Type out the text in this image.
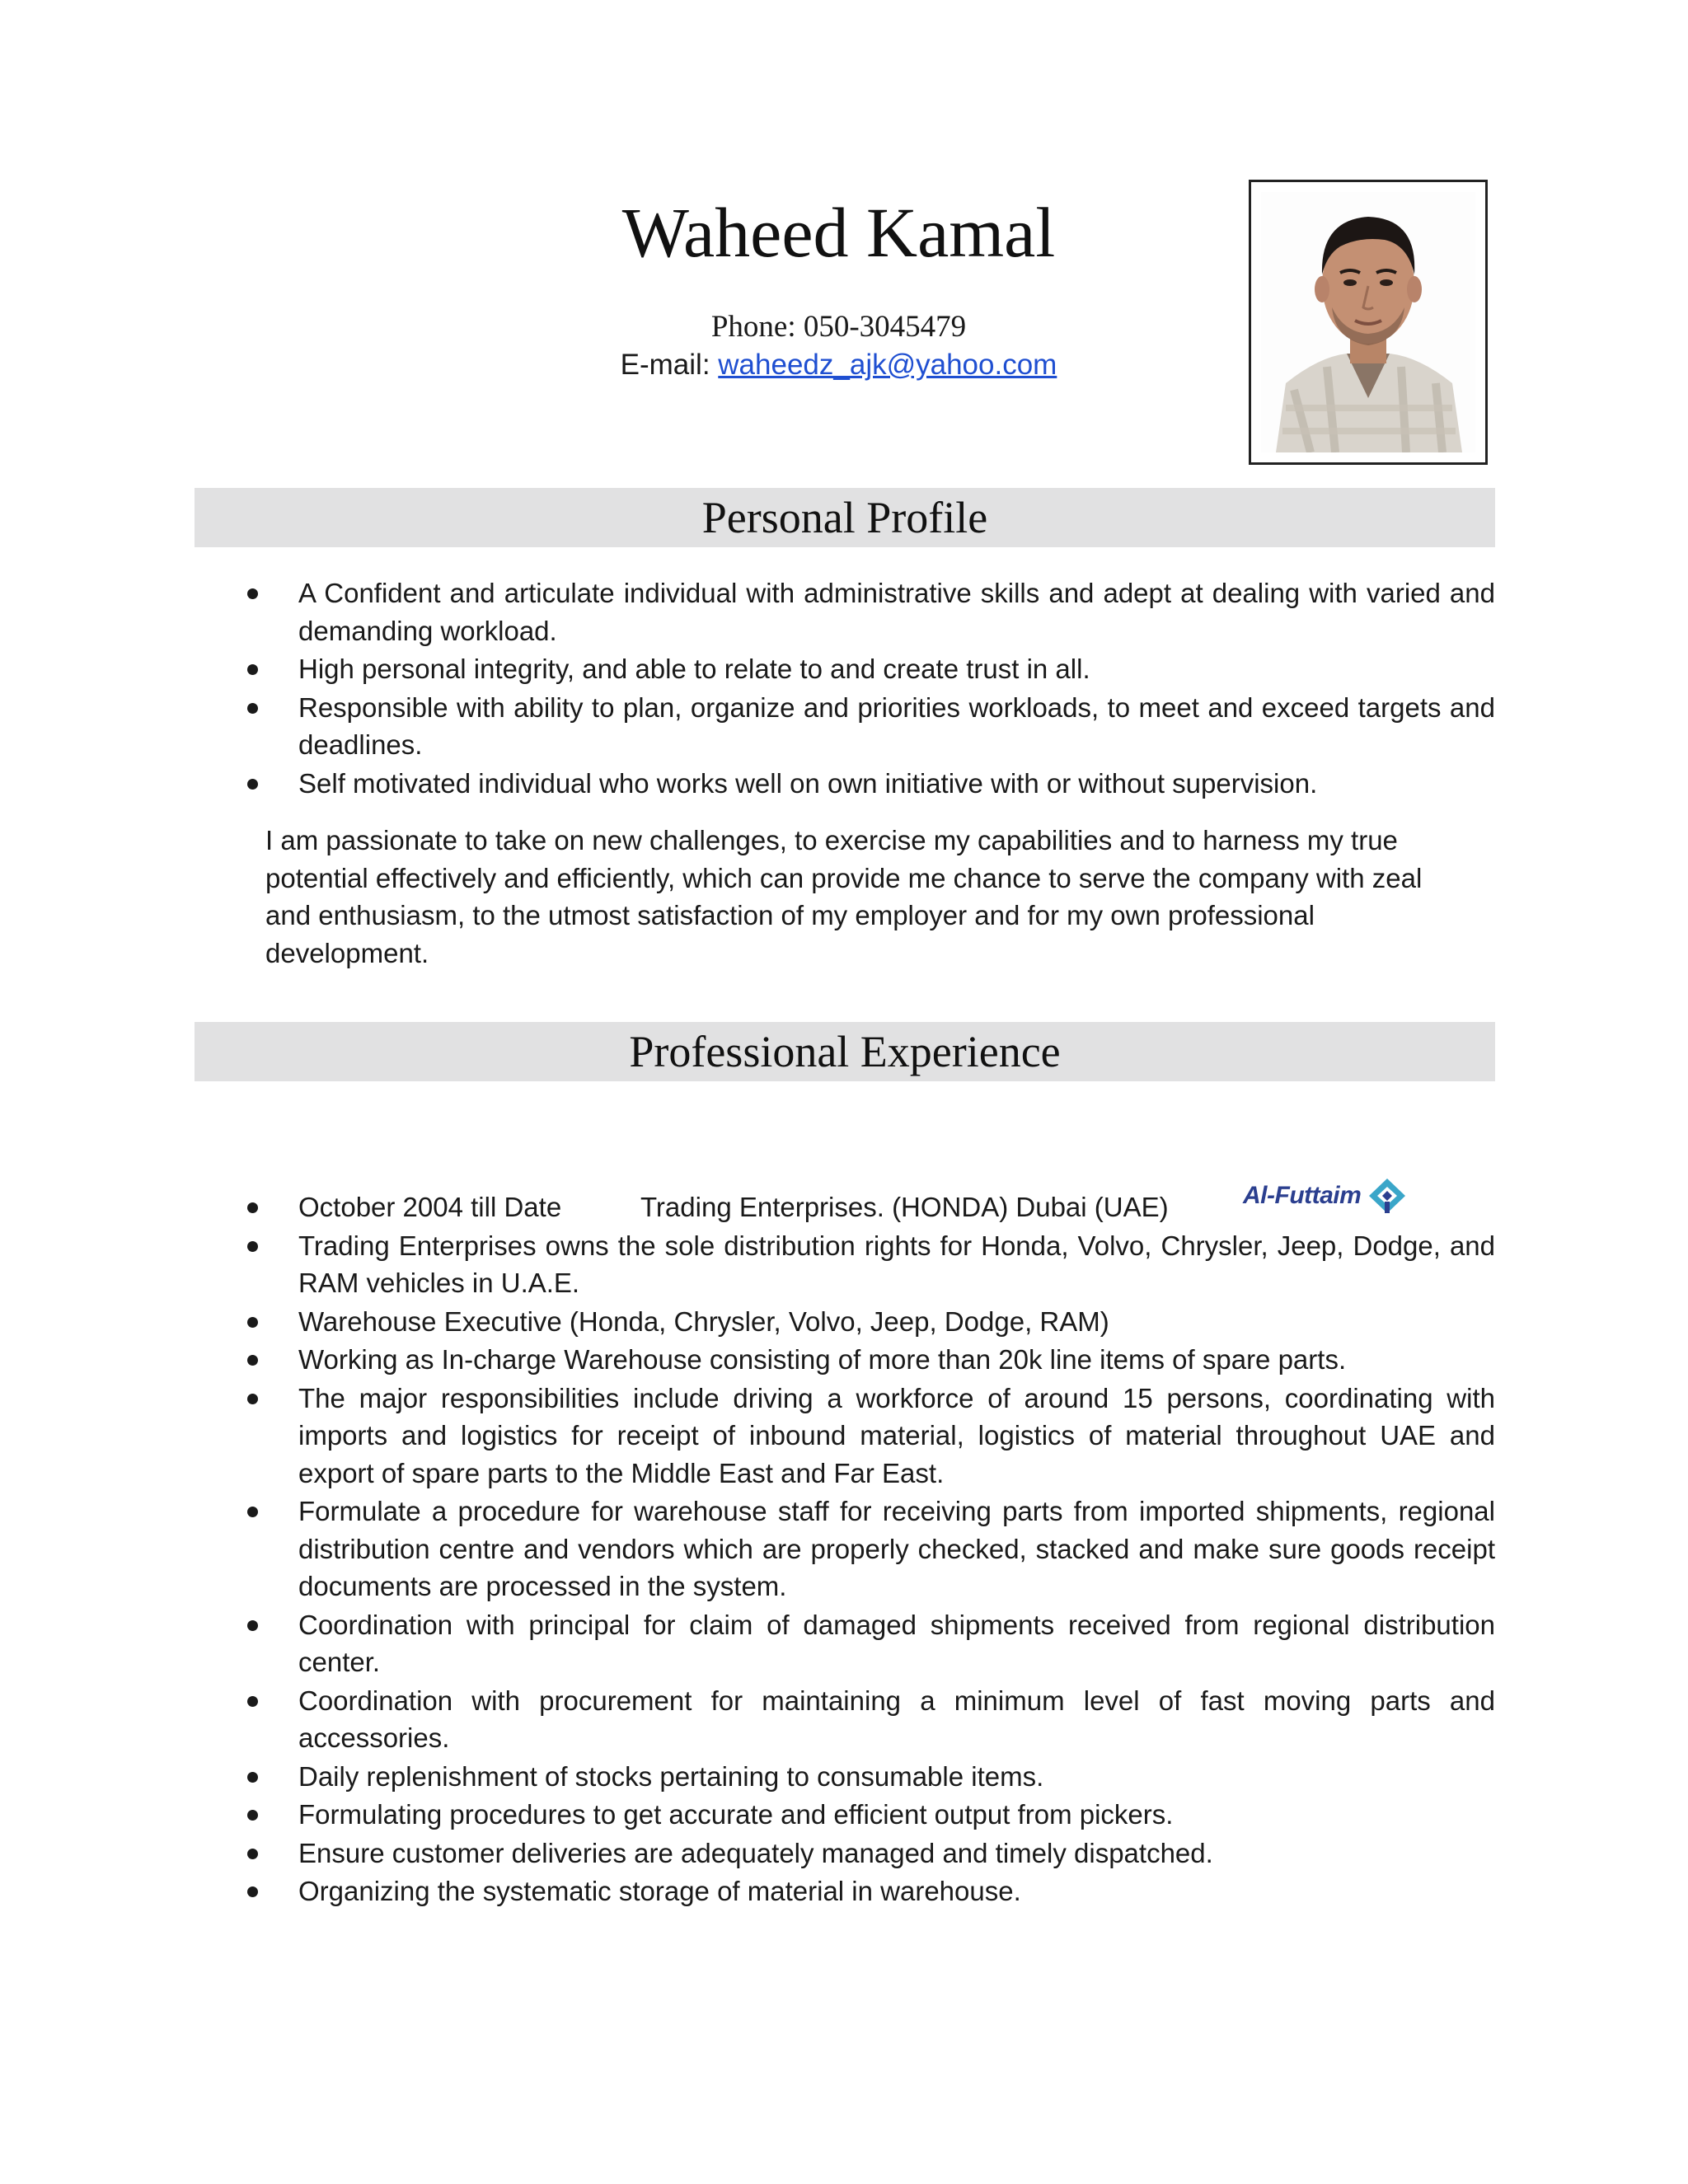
Waheed Kamal
Phone: 050-3045479
E-mail: waheedz_ajk@yahoo.com
Personal Profile
A Confident and articulate individual with administrative skills and adept at dealing with varied and demanding workload.
High personal integrity, and able to relate to and create trust in all.
Responsible with ability to plan, organize and priorities workloads, to meet and exceed targets and deadlines.
Self motivated individual who works well on own initiative with or without supervision.

I am passionate to take on new challenges, to exercise my capabilities and to harness my true potential effectively and efficiently, which can provide me chance to serve the company with zeal and enthusiasm, to the utmost satisfaction of my employer and for my own professional development.

Professional Experience
October 2004 till Date	Trading Enterprises. (HONDA) Dubai (UAE)
Trading Enterprises owns the sole distribution rights for Honda, Volvo, Chrysler, Jeep, Dodge, and RAM vehicles in U.A.E.
Warehouse Executive (Honda, Chrysler, Volvo, Jeep, Dodge, RAM)
Working as In-charge Warehouse consisting of more than 20k line items of spare parts.
The major responsibilities include driving a workforce of around 15 persons, coordinating with imports and logistics for receipt of inbound material, logistics of material throughout UAE and export of spare parts to the Middle East and Far East.
Formulate a procedure for warehouse staff for receiving parts from imported shipments, regional distribution centre and vendors which are properly checked, stacked and make sure goods receipt documents are processed in the system.
Coordination with principal for claim of damaged shipments received from regional distribution center.
Coordination with procurement for maintaining a minimum level of fast moving parts and accessories.
Daily replenishment of stocks pertaining to consumable items.
Formulating procedures to get accurate and efficient output from pickers.
Ensure customer deliveries are adequately managed and timely dispatched.
Organizing the systematic storage of material in warehouse.
Al-Futtaim
